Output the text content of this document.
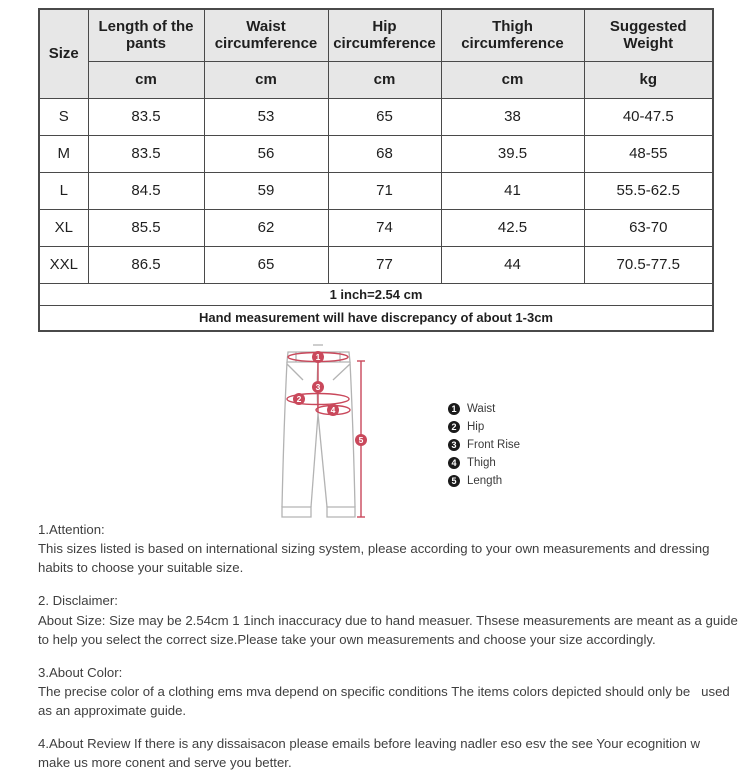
Size	Length of the pants	Waist circumference	Hip circumference	Thigh circumference	Suggested Weight
	cm	cm	cm	cm	kg
S	83.5	53	65	38	40-47.5
M	83.5	56	68	39.5	48-55
L	84.5	59	71	41	55.5-62.5
XL	85.5	62	74	42.5	63-70
XXL	86.5	65	77	44	70.5-77.5
1 inch=2.54 cm					
Hand measurement will have discrepancy of about 1-3cm					
1
3
2
4
5
1 Waist
2 Hip
3 Front Rise
4 Thigh
5 Length
1.Attention:
This sizes listed is based on international sizing system, please according to your own measurements and dressing habits to choose your suitable size.
2. Disclaimer:
About Size: Size may be 2.54cm 1 1inch inaccuracy due to hand measuer. Thsese measurements are meant as a guide to help you select the correct size.Please take your own measurements and choose your size accordingly.
3.About Color:
The precise color of a clothing ems mva depend on specific conditions The items colors depicted should only be   used as an approximate guide.
4.About Review If there is any dissaisacon please emails before leaving nadler eso esv the see Your ecognition w   make us more conent and serve you better.
